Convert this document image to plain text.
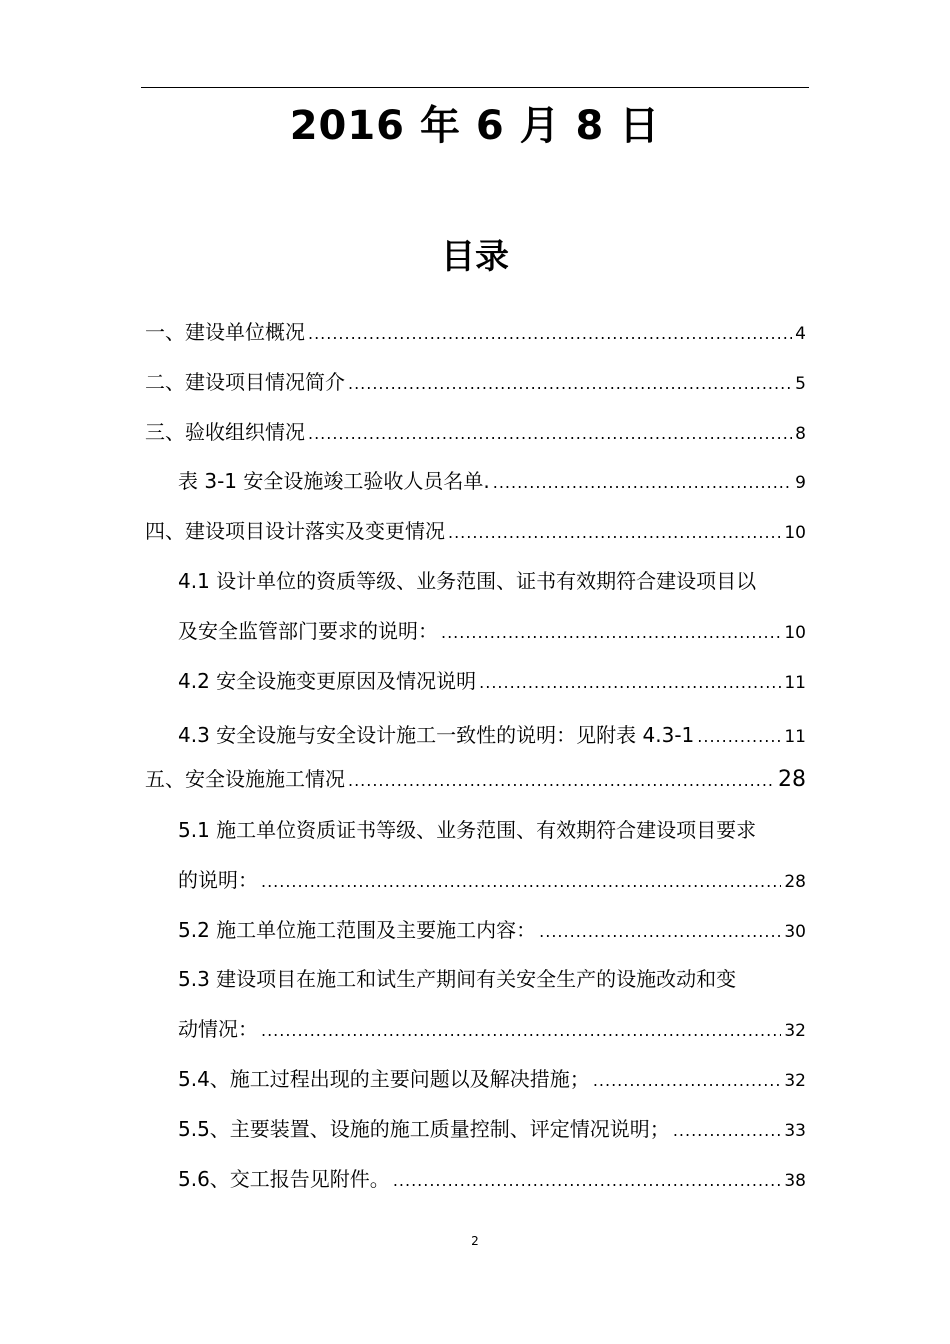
2016 年 6 月 8 日
目录
一、建设单位概况 .....	4
二、建设项目情况简介 .....	5
三、验收组织情况 .....	8
表 3-1 安全设施竣工验收人员名单. .....	9
四、建设项目设计落实及变更情况 .....	10
4.1 设计单位的资质等级、业务范围、证书有效期符合建设项目以
及安全监管部门要求的说明： .....	10
4.2 安全设施变更原因及情况说明 .....	11
4.3 安全设施与安全设计施工一致性的说明：见附表 4.3-1 .....	11
五、安全设施施工情况 .....	28
5.1 施工单位资质证书等级、业务范围、有效期符合建设项目要求
的说明： .....	28
5.2 施工单位施工范围及主要施工内容： .....	30
5.3 建设项目在施工和试生产期间有关安全生产的设施改动和变
动情况： .....	32
5.4、施工过程出现的主要问题以及解决措施； .....	32
5.5、主要装置、设施的施工质量控制、评定情况说明； .....	33
5.6、交工报告见附件。 .....	38
2
